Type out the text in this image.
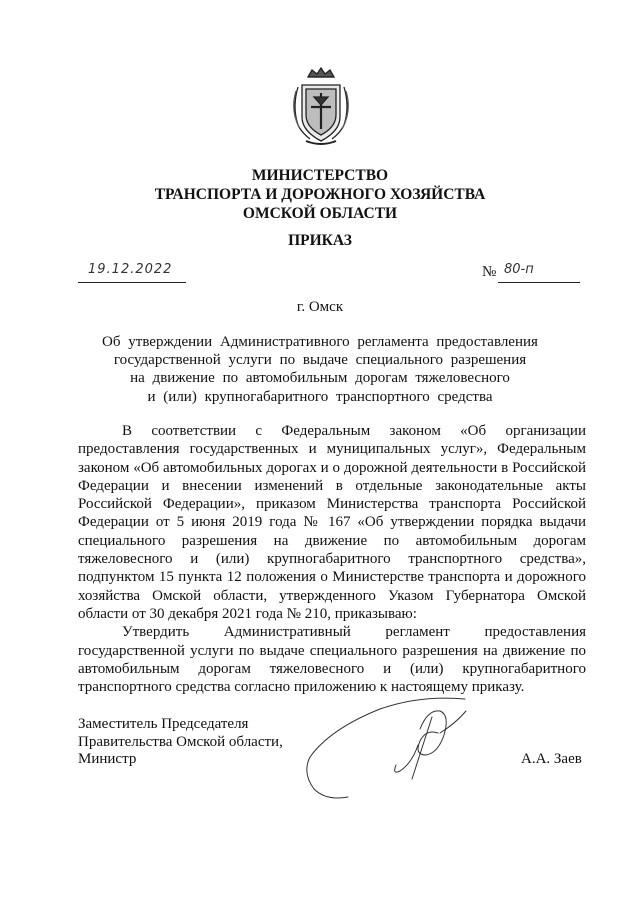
МИНИСТЕРСТВО
ТРАНСПОРТА И ДОРОЖНОГО ХОЗЯЙСТВА
ОМСКОЙ ОБЛАСТИ
ПРИКАЗ
19.12.2022	№ 80-п
г. Омск
Об утверждении Административного регламента предоставления
государственной услуги по выдаче специального разрешения
на движение по автомобильным дорогам тяжеловесного
и (или) крупногабаритного транспортного средства

В соответствии с Федеральным законом «Об организации предоставления государственных и муниципальных услуг», Федеральным законом «Об автомобильных дорогах и о дорожной деятельности в Российской Федерации и внесении изменений в отдельные законодательные акты Российской Федерации», приказом Министерства транспорта Российской Федерации от 5 июня 2019 года № 167 «Об утверждении порядка выдачи специального разрешения на движение по автомобильным дорогам тяжеловесного и (или) крупногабаритного транспортного средства», подпунктом 15 пункта 12 положения о Министерстве транспорта и дорожного хозяйства Омской области, утвержденного Указом Губернатора Омской области от 30 декабря 2021 года № 210, приказываю:

Утвердить Административный регламент предоставления государственной услуги по выдаче специального разрешения на движение по автомобильным дорогам тяжеловесного и (или) крупногабаритного транспортного средства согласно приложению к настоящему приказу.

Заместитель Председателя
Правительства Омской области,
Министр	А.А. Заев
